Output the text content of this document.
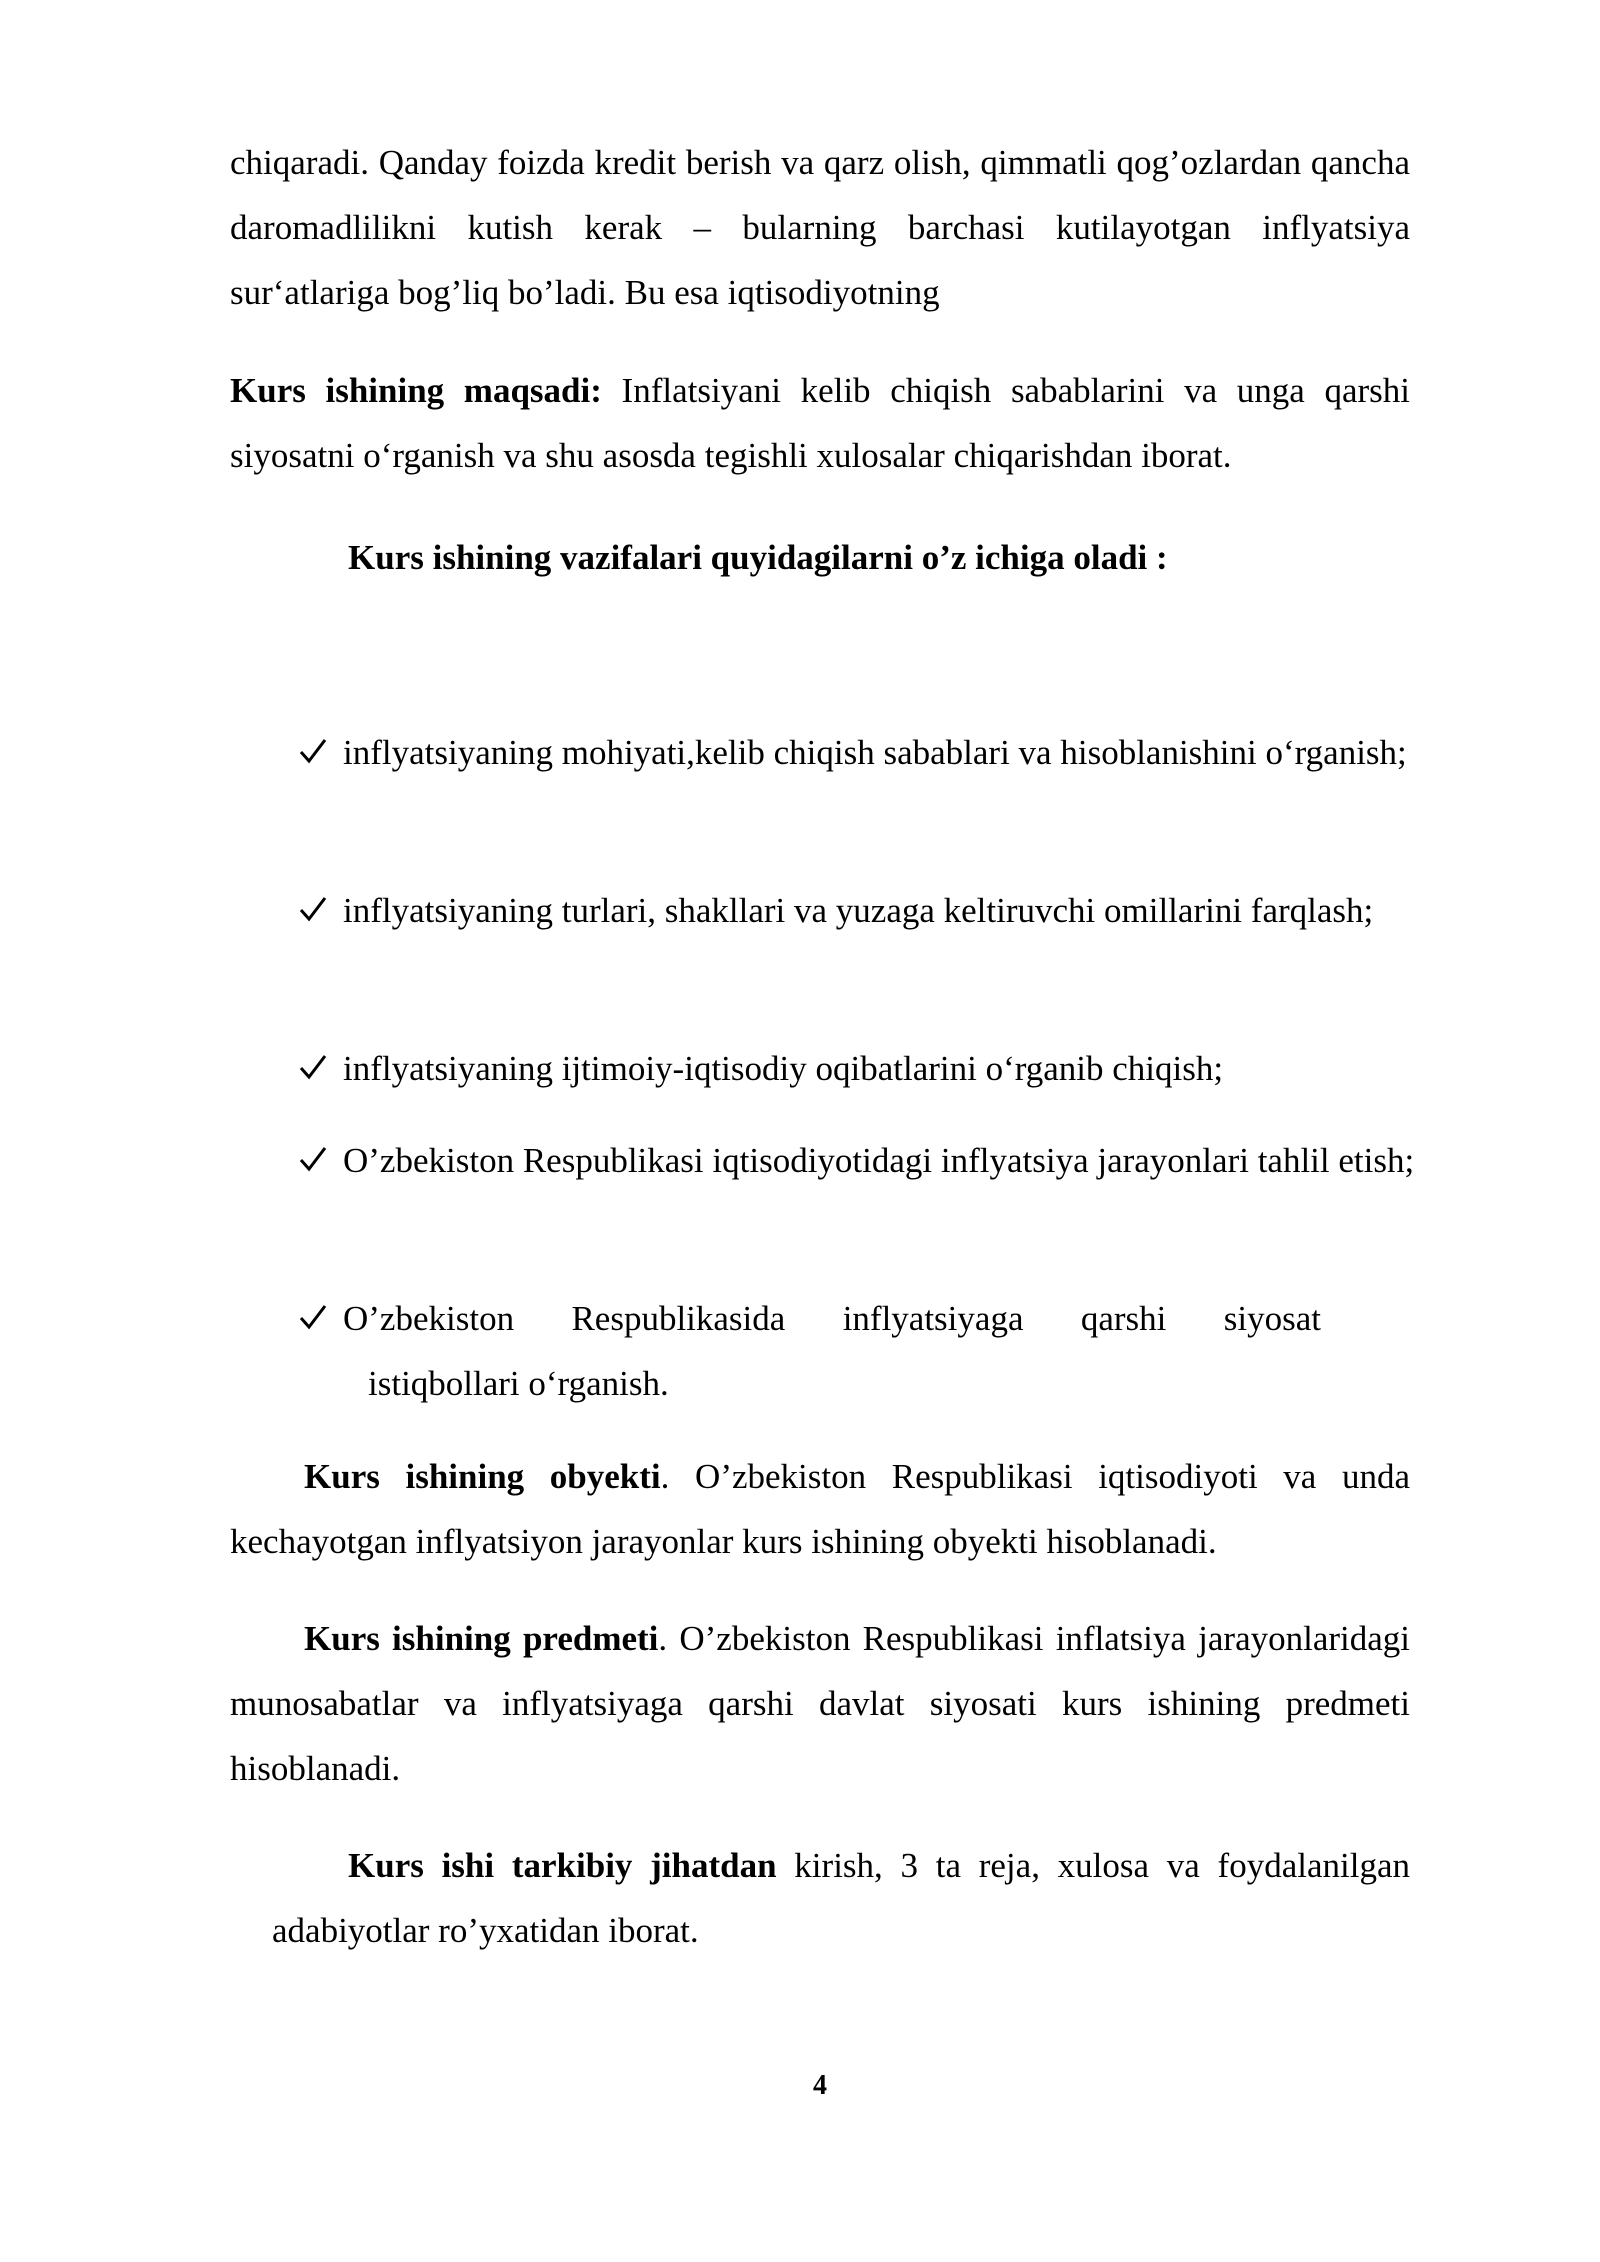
chiqaradi. Qanday foizda kredit berish va qarz olish, qimmatli qog’ozlardan qancha daromadlilikni kutish kerak – bularning barchasi kutilayotgan inflyatsiya sur‘atlariga bog’liq bo’ladi. Bu esa iqtisodiyotning

Kurs ishining maqsadi: Inflatsiyani kelib chiqish sabablarini va unga qarshi siyosatni o‘rganish va shu asosda tegishli xulosalar chiqarishdan iborat.

Kurs ishining vazifalari quyidagilarni o’z ichiga oladi :

inflyatsiyaning mohiyati,kelib chiqish sabablari va hisoblanishini o‘rganish;
inflyatsiyaning turlari, shakllari va yuzaga keltiruvchi omillarini farqlash;
inflyatsiyaning ijtimoiy-iqtisodiy oqibatlarini o‘rganib chiqish;
O’zbekiston Respublikasi iqtisodiyotidagi inflyatsiya jarayonlari tahlil etish;
O’zbekiston Respublikasida inflyatsiyaga qarshi siyosat
istiqbollari o‘rganish.

Kurs ishining obyekti. O’zbekiston Respublikasi iqtisodiyoti va unda kechayotgan inflyatsiyon jarayonlar kurs ishining obyekti hisoblanadi.

Kurs ishining predmeti. O’zbekiston Respublikasi inflatsiya jarayonlaridagi munosabatlar va inflyatsiyaga qarshi davlat siyosati kurs ishining predmeti hisoblanadi.

Kurs ishi tarkibiy jihatdan kirish, 3 ta reja, xulosa va foydalanilgan adabiyotlar ro’yxatidan iborat.

4
